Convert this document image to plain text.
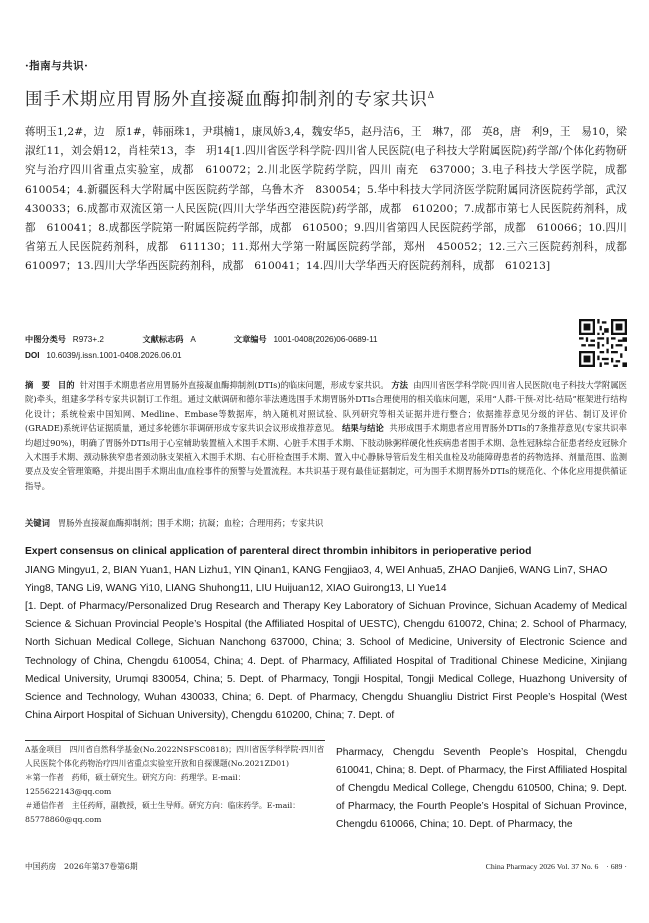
·指南与共识·
围手术期应用胃肠外直接凝血酶抑制剂的专家共识$^\Delta$
蒋明玉1,2#，边　原1#，韩丽珠1，尹琪楠1，康凤娇3,4，魏安华5，赵丹洁6，王　琳7，邵　英8，唐　利9，王　易10，梁淑红11，刘会娟12，肖桂荣13，李　玥14[1.四川省医学科学院·四川省人民医院(电子科技大学附属医院)药学部/个体化药物研究与治疗四川省重点实验室，成都　610072；2.川北医学院药学院，四川 南充　637000；3.电子科技大学医学院，成都　610054；4.新疆医科大学附属中医医院药学部，乌鲁木齐　830054；5.华中科技大学同济医学院附属同济医院药学部，武汉　430033；6.成都市双流区第一人民医院(四川大学华西空港医院)药学部，成都　610200；7.成都市第七人民医院药剂科，成都　610041；8.成都医学院第一附属医院药学部，成都　610500；9.四川省第四人民医院药学部，成都　610066；10.四川省第五人民医院药剂科，成都　611130；11.郑州大学第一附属医院药学部，郑州　450052；12.三六三医院药剂科，成都　610097；13.四川大学华西医院药剂科，成都　610041；14.四川大学华西天府医院药剂科，成都　610213]
中图分类号 R973+.2	文献标志码 A	文章编号 1001-0408(2026)06-0689-11
DOI 10.6039/j.issn.1001-0408.2026.06.01
摘　要 目的 针对围手术期患者应用胃肠外直接凝血酶抑制剂(DTIs)的临床问题，形成专家共识。 方法 由四川省医学科学院·四川省人民医院(电子科技大学附属医院)牵头，组建多学科专家共识制订工作组。通过文献调研和德尔菲法遴选围手术期胃肠外DTIs合理使用的相关临床问题，采用“人群-干预-对比-结局”框架进行结构化设计；系统检索中国知网、Medline、Embase等数据库，纳入随机对照试验、队列研究等相关证据并进行整合；依据推荐意见分级的评估、制订及评价(GRADE)系统评估证据质量，通过多轮德尔菲调研形成专家共识会议形成推荐意见。 结果与结论 共形成围手术期患者应用胃肠外DTIs的7条推荐意见(专家共识率均超过90%)，明确了胃肠外DTIs用于心室辅助装置植入术围手术期、心脏手术围手术期、下肢动脉粥样硬化性疾病患者围手术期、急性冠脉综合征患者经皮冠脉介入术围手术期、颈动脉狭窄患者颈动脉支架植入术围手术期、右心肝检查围手术期、置入中心静脉导管后发生相关血栓及功能障碍患者的药物选择、剂量范围、监测要点及安全管理策略，并提出围手术期出血/血栓事件的预警与处置流程。本共识基于现有最佳证据制定，可为围手术期胃肠外DTIs的规范化、个体化应用提供循证指导。
关键词 胃肠外直接凝血酶抑制剂；围手术期；抗凝；血栓；合理用药；专家共识
Expert consensus on clinical application of parenteral direct thrombin inhibitors in perioperative period
JIANG Mingyu1, 2, BIAN Yuan1, HAN Lizhu1, YIN Qinan1, KANG Fengjiao3, 4, WEI Anhua5, ZHAO Danjie6, WANG Lin7, SHAO Ying8, TANG Li9, WANG Yi10, LIANG Shuhong11, LIU Huijuan12, XIAO Guirong13, LI Yue14
[1. Dept. of Pharmacy/Personalized Drug Research and Therapy Key Laboratory of Sichuan Province, Sichuan Academy of Medical Science & Sichuan Provincial People’s Hospital (the Affiliated Hospital of UESTC), Chengdu 610072, China; 2. School of Pharmacy, North Sichuan Medical College, Sichuan Nanchong 637000, China; 3. School of Medicine, University of Electronic Science and Technology of China, Chengdu 610054, China; 4. Dept. of Pharmacy, Affiliated Hospital of Traditional Chinese Medicine, Xinjiang Medical University, Urumqi 830054, China; 5. Dept. of Pharmacy, Tongji Hospital, Tongji Medical College, Huazhong University of Science and Technology, Wuhan 430033, China; 6. Dept. of Pharmacy, Chengdu Shuangliu District First People’s Hospital (West China Airport Hospital of Sichuan University), Chengdu 610200, China; 7. Dept. of
Δ基金项目　四川省自然科学基金(No.2022NSFSC0818)；四川省医学科学院·四川省人民医院个体化药物治疗四川省重点实验室开放和自探课题(No.2021ZD01)
＊第一作者　药师，硕士研究生。研究方向：药理学。E-mail：1255622143@qq.com
＃通信作者　主任药师，副教授，硕士生导师。研究方向：临床药学。E-mail：85778860@qq.com
Pharmacy, Chengdu Seventh People’s Hospital, Chengdu 610041, China; 8. Dept. of Pharmacy, the First Affiliated Hospital of Chengdu Medical College, Chengdu 610500, China; 9. Dept. of Pharmacy, the Fourth People’s Hospital of Sichuan Province, Chengdu 610066, China; 10. Dept. of Pharmacy, the
中国药房　2026年第37卷第6期	China Pharmacy 2026 Vol. 37 No. 6　· 689 ·
